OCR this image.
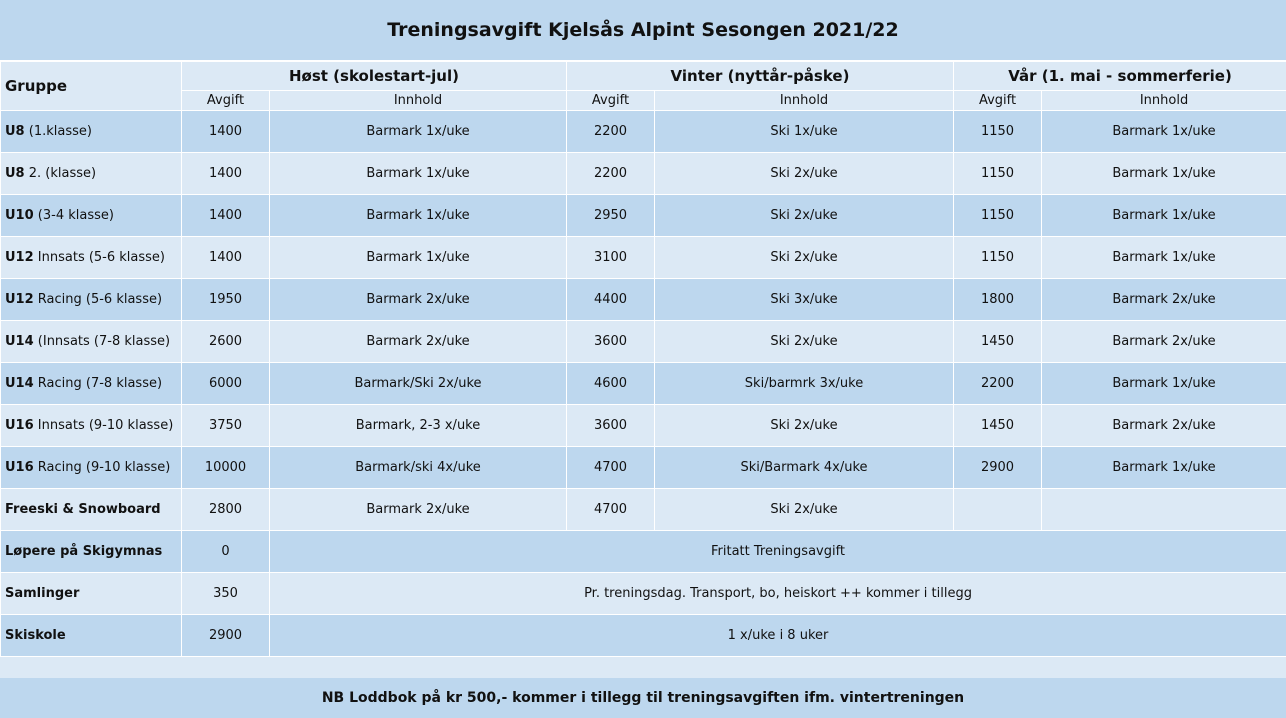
Treningsavgift Kjelsås Alpint Sesongen 2021/22
Gruppe	Høst (skolestart-jul)		Vinter (nyttår-påske)		Vår (1. mai - sommerferie)	
	Avgift	Innhold	Avgift	Innhold	Avgift	Innhold
U8 (1.klasse)	1400	Barmark 1x/uke	2200	Ski 1x/uke	1150	Barmark 1x/uke
U8 2. (klasse)	1400	Barmark 1x/uke	2200	Ski 2x/uke	1150	Barmark 1x/uke
U10 (3-4 klasse)	1400	Barmark 1x/uke	2950	Ski 2x/uke	1150	Barmark 1x/uke
U12 Innsats (5-6 klasse)	1400	Barmark 1x/uke	3100	Ski 2x/uke	1150	Barmark 1x/uke
U12 Racing (5-6 klasse)	1950	Barmark 2x/uke	4400	Ski 3x/uke	1800	Barmark 2x/uke
U14 (Innsats (7-8 klasse)	2600	Barmark 2x/uke	3600	Ski 2x/uke	1450	Barmark 2x/uke
U14 Racing (7-8 klasse)	6000	Barmark/Ski 2x/uke	4600	Ski/barmrk 3x/uke	2200	Barmark 1x/uke
U16 Innsats (9-10 klasse)	3750	Barmark, 2-3 x/uke	3600	Ski 2x/uke	1450	Barmark 2x/uke
U16 Racing (9-10 klasse)	10000	Barmark/ski 4x/uke	4700	Ski/Barmark 4x/uke	2900	Barmark 1x/uke
Freeski & Snowboard	2800	Barmark 2x/uke	4700	Ski 2x/uke		
Løpere på Skigymnas	0	Fritatt Treningsavgift				
Samlinger	350	Pr. treningsdag. Transport, bo, heiskort ++ kommer i tillegg				
Skiskole	2900	1 x/uke i 8 uker				
NB Loddbok på kr 500,- kommer i tillegg til treningsavgiften ifm. vintertreningen
